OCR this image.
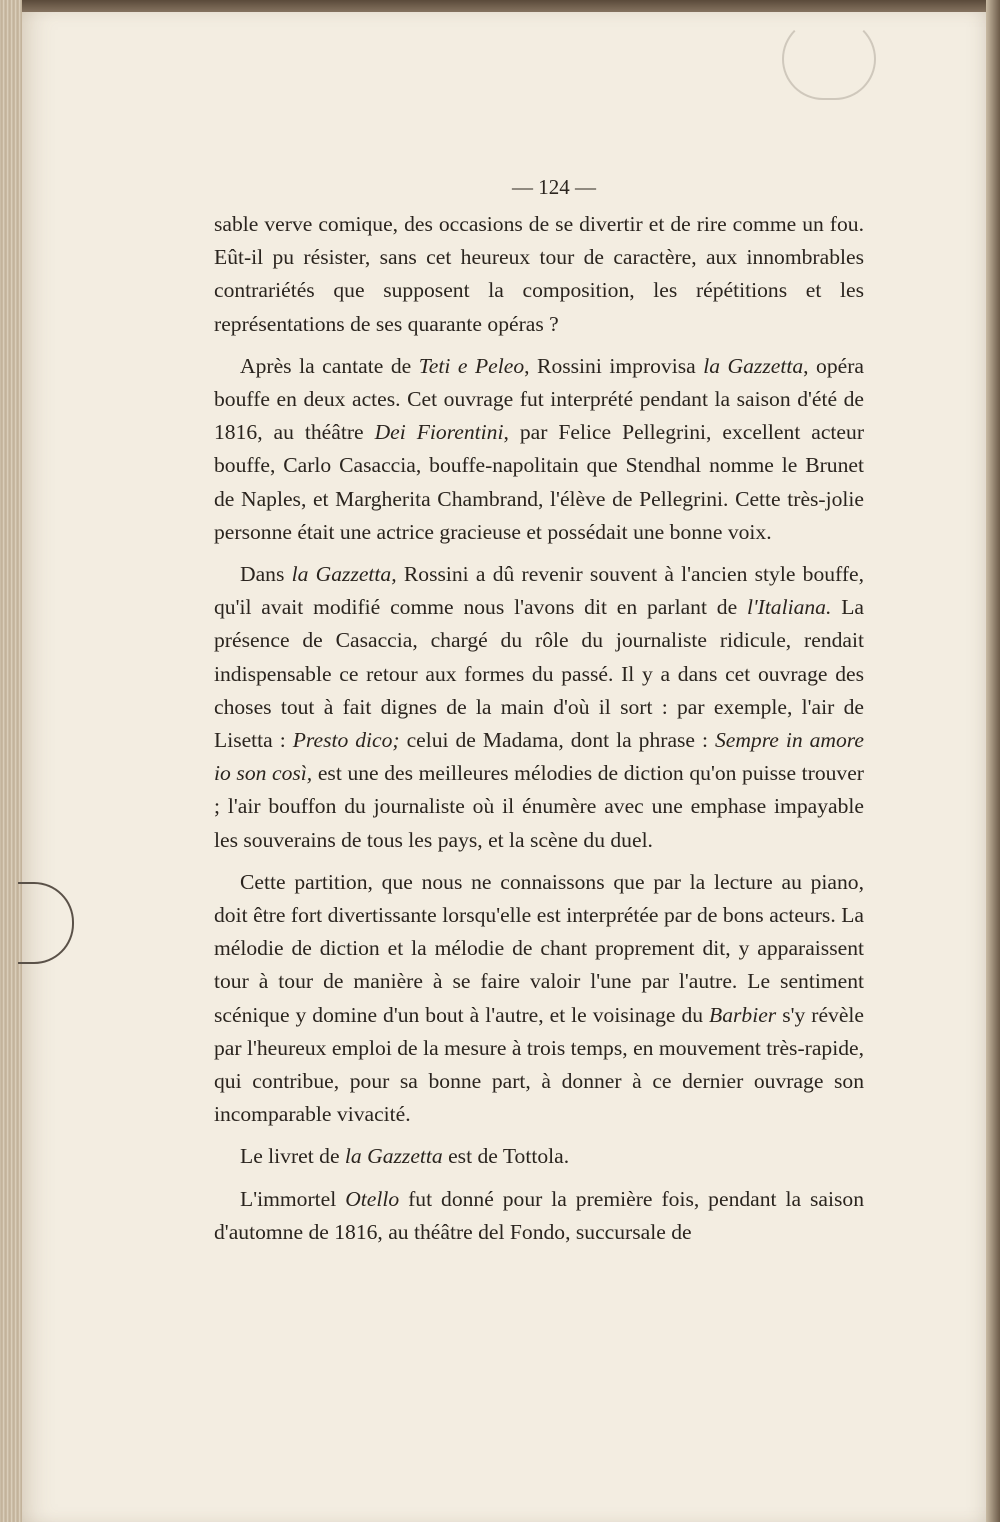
— 124 —

sable verve comique, des occasions de se divertir et de rire comme un fou. Eût-il pu résister, sans cet heureux tour de caractère, aux innombrables contrariétés que supposent la composition, les répétitions et les représentations de ses quarante opéras ?

Après la cantate de Teti e Peleo, Rossini improvisa la Gazzetta, opéra bouffe en deux actes. Cet ouvrage fut interprété pendant la saison d'été de 1816, au théâtre Dei Fiorentini, par Felice Pellegrini, excellent acteur bouffe, Carlo Casaccia, bouffe-napolitain que Stendhal nomme le Brunet de Naples, et Margherita Chambrand, l'élève de Pellegrini. Cette très-jolie personne était une actrice gracieuse et possédait une bonne voix.

Dans la Gazzetta, Rossini a dû revenir souvent à l'ancien style bouffe, qu'il avait modifié comme nous l'avons dit en parlant de l'Italiana. La présence de Casaccia, chargé du rôle du journaliste ridicule, rendait indispensable ce retour aux formes du passé. Il y a dans cet ouvrage des choses tout à fait dignes de la main d'où il sort : par exemple, l'air de Lisetta : Presto dico; celui de Madama, dont la phrase : Sempre in amore io son così, est une des meilleures mélodies de diction qu'on puisse trouver ; l'air bouffon du journaliste où il énumère avec une emphase impayable les souverains de tous les pays, et la scène du duel.

Cette partition, que nous ne connaissons que par la lecture au piano, doit être fort divertissante lorsqu'elle est interprétée par de bons acteurs. La mélodie de diction et la mélodie de chant proprement dit, y apparaissent tour à tour de manière à se faire valoir l'une par l'autre. Le sentiment scénique y domine d'un bout à l'autre, et le voisinage du Barbier s'y révèle par l'heureux emploi de la mesure à trois temps, en mouvement très-rapide, qui contribue, pour sa bonne part, à donner à ce dernier ouvrage son incomparable vivacité.

Le livret de la Gazzetta est de Tottola.

L'immortel Otello fut donné pour la première fois, pendant la saison d'automne de 1816, au théâtre del Fondo, succursale de
